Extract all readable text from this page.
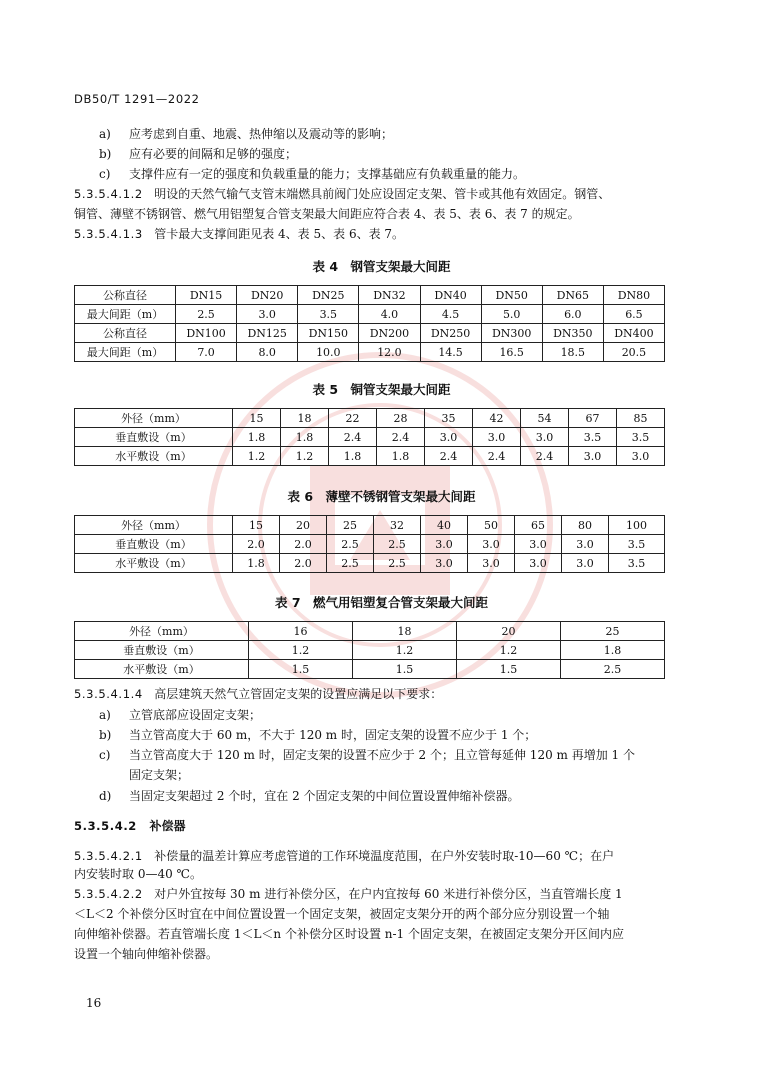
DB50/T 1291—2022
a) 应考虑到自重、地震、热伸缩以及震动等的影响；
b) 应有必要的间隔和足够的强度；
c) 支撑件应有一定的强度和负载重量的能力；支撑基础应有负载重量的能力。
5.3.5.4.1.2 明设的天然气输气支管末端燃具前阀门处应设固定支架、管卡或其他有效固定。钢管、
铜管、薄壁不锈钢管、燃气用铝塑复合管支架最大间距应符合表 4、表 5、表 6、表 7 的规定。
5.3.5.4.1.3 管卡最大支撑间距见表 4、表 5、表 6、表 7。
表 4　钢管支架最大间距
公称直径	DN15	DN20	DN25	DN32	DN40	DN50	DN65	DN80
最大间距（m）	2.5	3.0	3.5	4.0	4.5	5.0	6.0	6.5
公称直径	DN100	DN125	DN150	DN200	DN250	DN300	DN350	DN400
最大间距（m）	7.0	8.0	10.0	12.0	14.5	16.5	18.5	20.5
表 5　铜管支架最大间距
外径（mm）	15	18	22	28	35	42	54	67	85
垂直敷设（m）	1.8	1.8	2.4	2.4	3.0	3.0	3.0	3.5	3.5
水平敷设（m）	1.2	1.2	1.8	1.8	2.4	2.4	2.4	3.0	3.0
表 6　薄壁不锈钢管支架最大间距
外径（mm）	15	20	25	32	40	50	65	80	100
垂直敷设（m）	2.0	2.0	2.5	2.5	3.0	3.0	3.0	3.0	3.5
水平敷设（m）	1.8	2.0	2.5	2.5	3.0	3.0	3.0	3.0	3.5
表 7　燃气用铝塑复合管支架最大间距
外径（mm）	16	18	20	25
垂直敷设（m）	1.2	1.2	1.2	1.8
水平敷设（m）	1.5	1.5	1.5	2.5
5.3.5.4.1.4 高层建筑天然气立管固定支架的设置应满足以下要求：
a) 立管底部应设固定支架；
b) 当立管高度大于 60 m，不大于 120 m 时，固定支架的设置不应少于 1 个；
c) 当立管高度大于 120 m 时，固定支架的设置不应少于 2 个；且立管每延伸 120 m 再增加 1 个
固定支架；
d) 当固定支架超过 2 个时，宜在 2 个固定支架的中间位置设置伸缩补偿器。
5.3.5.4.2 补偿器
5.3.5.4.2.1 补偿量的温差计算应考虑管道的工作环境温度范围，在户外安装时取-10—60 ℃；在户
内安装时取 0—40 ℃。
5.3.5.4.2.2 对户外宜按每 30 m 进行补偿分区，在户内宜按每 60 米进行补偿分区，当直管端长度 1
＜L＜2 个补偿分区时宜在中间位置设置一个固定支架，被固定支架分开的两个部分应分别设置一个轴
向伸缩补偿器。若直管端长度 1＜L＜n 个补偿分区时设置 n-1 个固定支架，在被固定支架分开区间内应
设置一个轴向伸缩补偿器。
16
